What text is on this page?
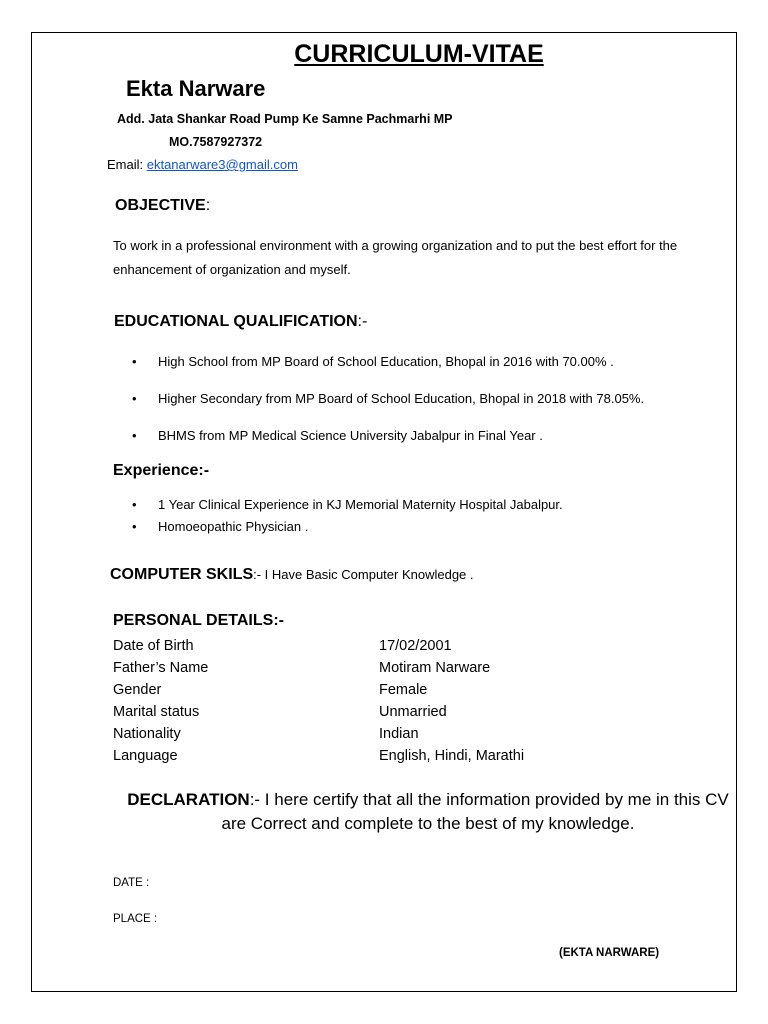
CURRICULUM-VITAE
Ekta Narware
Add. Jata Shankar Road Pump Ke Samne Pachmarhi MP
MO.7587927372
Email: ektanarware3@gmail.com
OBJECTIVE:
To work in a professional environment with a growing organization and to put the best effort for the enhancement of organization and myself.
EDUCATIONAL QUALIFICATION:-
• High School from MP Board of School Education, Bhopal in 2016 with 70.00% .
• Higher Secondary from MP Board of School Education, Bhopal in 2018 with 78.05%.
• BHMS from MP Medical Science University Jabalpur in Final Year .
Experience:-
• 1 Year Clinical Experience in KJ Memorial Maternity Hospital Jabalpur.
• Homoeopathic Physician .
COMPUTER SKILS:- I Have Basic Computer Knowledge .
PERSONAL DETAILS:-
Date of Birth	17/02/2001
Father’s Name	Motiram Narware
Gender	Female
Marital status	Unmarried
Nationality	Indian
Language	English, Hindi, Marathi
DECLARATION:- I here certify that all the information provided by me in this CV are Correct and complete to the best of my knowledge.
DATE :
PLACE :
(EKTA NARWARE)
